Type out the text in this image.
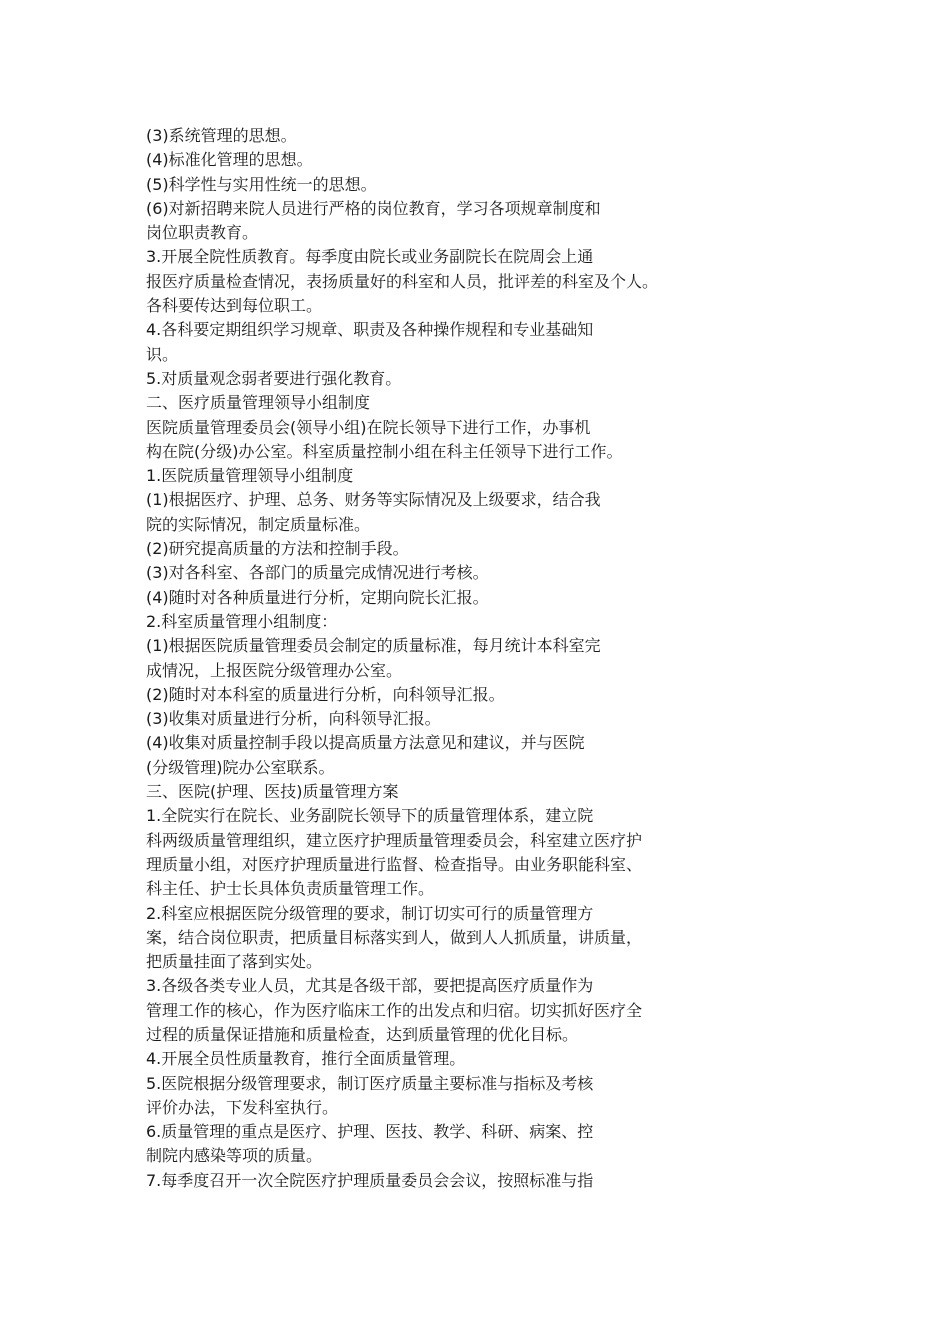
(3)系统管理的思想。
(4)标准化管理的思想。
(5)科学性与实用性统一的思想。
(6)对新招聘来院人员进行严格的岗位教育，学习各项规章制度和
岗位职责教育。
3.开展全院性质教育。每季度由院长或业务副院长在院周会上通
报医疗质量检查情况，表扬质量好的科室和人员，批评差的科室及个人。
各科要传达到每位职工。
4.各科要定期组织学习规章、职责及各种操作规程和专业基础知
识。
5.对质量观念弱者要进行强化教育。
二、医疗质量管理领导小组制度
医院质量管理委员会(领导小组)在院长领导下进行工作，办事机
构在院(分级)办公室。科室质量控制小组在科主任领导下进行工作。
1.医院质量管理领导小组制度
(1)根据医疗、护理、总务、财务等实际情况及上级要求，结合我
院的实际情况，制定质量标准。
(2)研究提高质量的方法和控制手段。
(3)对各科室、各部门的质量完成情况进行考核。
(4)随时对各种质量进行分析，定期向院长汇报。
2.科室质量管理小组制度：
(1)根据医院质量管理委员会制定的质量标准，每月统计本科室完
成情况，上报医院分级管理办公室。
(2)随时对本科室的质量进行分析，向科领导汇报。
(3)收集对质量进行分析，向科领导汇报。
(4)收集对质量控制手段以提高质量方法意见和建议，并与医院
(分级管理)院办公室联系。
三、医院(护理、医技)质量管理方案
1.全院实行在院长、业务副院长领导下的质量管理体系，建立院
科两级质量管理组织，建立医疗护理质量管理委员会，科室建立医疗护
理质量小组，对医疗护理质量进行监督、检查指导。由业务职能科室、
科主任、护士长具体负责质量管理工作。
2.科室应根据医院分级管理的要求，制订切实可行的质量管理方
案，结合岗位职责，把质量目标落实到人，做到人人抓质量，讲质量，
把质量挂面了落到实处。
3.各级各类专业人员，尤其是各级干部，要把提高医疗质量作为
管理工作的核心，作为医疗临床工作的出发点和归宿。切实抓好医疗全
过程的质量保证措施和质量检查，达到质量管理的优化目标。
4.开展全员性质量教育，推行全面质量管理。
5.医院根据分级管理要求，制订医疗质量主要标准与指标及考核
评价办法，下发科室执行。
6.质量管理的重点是医疗、护理、医技、教学、科研、病案、控
制院内感染等项的质量。
7.每季度召开一次全院医疗护理质量委员会会议，按照标准与指
